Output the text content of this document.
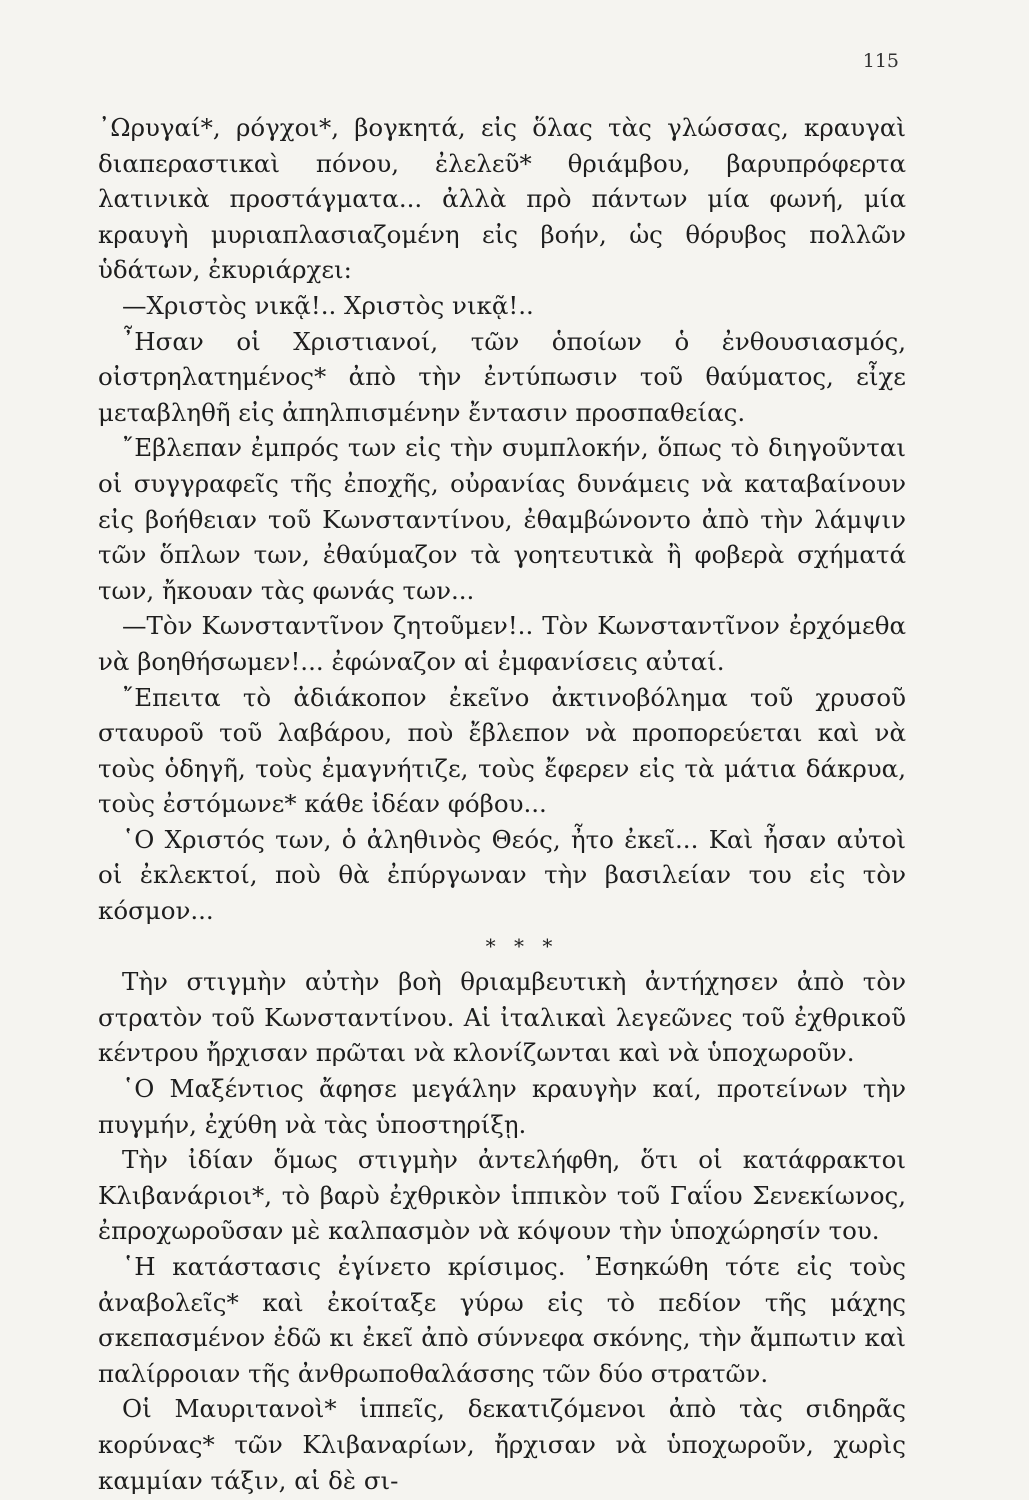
115

᾿Ωρυγαί*, ρόγχοι*, βογκητά, εἰς ὅλας τὰς γλώσσας, κραυγαὶ διαπεραστικαὶ πόνου, ἐλελεῦ* θριάμβου, βαρυπρόφερτα λατινικὰ προστάγματα... ἀλλὰ πρὸ πάντων μία φωνή, μία κραυγὴ μυριαπλασιαζομένη εἰς βοήν, ὡς θόρυβος πολλῶν ὑδάτων, ἐκυριάρχει:

—Χριστὸς νικᾷ!.. Χριστὸς νικᾷ!..

῏Ησαν οἱ Χριστιανοί, τῶν ὁποίων ὁ ἐνθουσιασμός, οἰστρηλατημένος* ἀπὸ τὴν ἐντύπωσιν τοῦ θαύματος, εἶχε μεταβληθῆ εἰς ἀπηλπισμένην ἔντασιν προσπαθείας.

῎Εβλεπαν ἐμπρός των εἰς τὴν συμπλοκήν, ὅπως τὸ διηγοῦνται οἱ συγγραφεῖς τῆς ἐποχῆς, οὐρανίας δυνάμεις νὰ καταβαίνουν εἰς βοήθειαν τοῦ Κωνσταντίνου, ἐθαμβώνοντο ἀπὸ τὴν λάμψιν τῶν ὅπλων των, ἐθαύμαζον τὰ γοητευτικὰ ἢ φοβερὰ σχήματά των, ἤκουαν τὰς φωνάς των...

—Τὸν Κωνσταντῖνον ζητοῦμεν!.. Τὸν Κωνσταντῖνον ἐρχόμεθα νὰ βοηθήσωμεν!... ἐφώναζον αἱ ἐμφανίσεις αὐταί.

῎Επειτα τὸ ἀδιάκοπον ἐκεῖνο ἀκτινοβόλημα τοῦ χρυσοῦ σταυροῦ τοῦ λαβάρου, ποὺ ἔβλεπον νὰ προπορεύεται καὶ νὰ τοὺς ὁδηγῆ, τοὺς ἐμαγνήτιζε, τοὺς ἔφερεν εἰς τὰ μάτια δάκρυα, τοὺς ἐστόμωνε* κάθε ἰδέαν φόβου...

῾Ο Χριστός των, ὁ ἀληθινὸς Θεός, ἦτο ἐκεῖ... Καὶ ἦσαν αὐτοὶ οἱ ἐκλεκτοί, ποὺ θὰ ἐπύργωναν τὴν βασιλείαν του εἰς τὸν κόσμον...

* * *

Τὴν στιγμὴν αὐτὴν βοὴ θριαμβευτικὴ ἀντήχησεν ἀπὸ τὸν στρατὸν τοῦ Κωνσταντίνου. Αἱ ἰταλικαὶ λεγεῶνες τοῦ ἐχθρικοῦ κέντρου ἤρχισαν πρῶται νὰ κλονίζωνται καὶ νὰ ὑποχωροῦν.

῾Ο Μαξέντιος ἄφησε μεγάλην κραυγὴν καί, προτείνων τὴν πυγμήν, ἐχύθη νὰ τὰς ὑποστηρίξῃ.

Τὴν ἰδίαν ὅμως στιγμὴν ἀντελήφθη, ὅτι οἱ κατάφρακτοι Κλιβανάριοι*, τὸ βαρὺ ἐχθρικὸν ἱππικὸν τοῦ Γαΐου Σενεκίωνος, ἐπροχωροῦσαν μὲ καλπασμὸν νὰ κόψουν τὴν ὑποχώρησίν του.

῾Η κατάστασις ἐγίνετο κρίσιμος. ᾿Εσηκώθη τότε εἰς τοὺς ἀναβολεῖς* καὶ ἐκοίταξε γύρω εἰς τὸ πεδίον τῆς μάχης σκεπασμένον ἐδῶ κι ἐκεῖ ἀπὸ σύννεφα σκόνης, τὴν ἄμπωτιν καὶ παλίρροιαν τῆς ἀνθρωποθαλάσσης τῶν δύο στρατῶν.

Οἱ Μαυριτανοὶ* ἱππεῖς, δεκατιζόμενοι ἀπὸ τὰς σιδηρᾶς κορύνας* τῶν Κλιβαναρίων, ἤρχισαν νὰ ὑποχωροῦν, χωρὶς καμμίαν τάξιν, αἱ δὲ σι-
